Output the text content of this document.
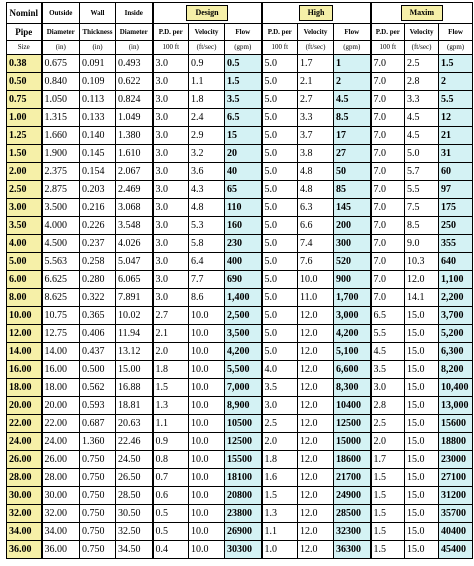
Nominl	Outside	Wall	Inside	Design			High			Maxim		
Pipe	Diameter	Thickness	Diameter	P.D. per	Velocity	Flow	P.D. per	Velocity	Flow	P.D. per	Velocity	Flow
Size	(in)	(in)	(in)	100 ft	(ft/sec)	(gpm)	100 ft	(ft/sec)	(gpm)	100 ft	(ft/sec)	(gpm)
0.38	0.675	0.091	0.493	3.0	0.9	0.5	5.0	1.7	1	7.0	2.5	1.5
0.50	0.840	0.109	0.622	3.0	1.1	1.5	5.0	2.1	2	7.0	2.8	2
0.75	1.050	0.113	0.824	3.0	1.8	3.5	5.0	2.7	4.5	7.0	3.3	5.5
1.00	1.315	0.133	1.049	3.0	2.4	6.5	5.0	3.3	8.5	7.0	4.5	12
1.25	1.660	0.140	1.380	3.0	2.9	15	5.0	3.7	17	7.0	4.5	21
1.50	1.900	0.145	1.610	3.0	3.2	20	5.0	3.8	27	7.0	5.0	31
2.00	2.375	0.154	2.067	3.0	3.6	40	5.0	4.8	50	7.0	5.7	60
2.50	2.875	0.203	2.469	3.0	4.3	65	5.0	4.8	85	7.0	5.5	97
3.00	3.500	0.216	3.068	3.0	4.8	110	5.0	6.3	145	7.0	7.5	175
3.50	4.000	0.226	3.548	3.0	5.3	160	5.0	6.6	200	7.0	8.5	250
4.00	4.500	0.237	4.026	3.0	5.8	230	5.0	7.4	300	7.0	9.0	355
5.00	5.563	0.258	5.047	3.0	6.4	400	5.0	7.6	520	7.0	10.3	640
6.00	6.625	0.280	6.065	3.0	7.7	690	5.0	10.0	900	7.0	12.0	1,100
8.00	8.625	0.322	7.891	3.0	8.6	1,400	5.0	11.0	1,700	7.0	14.1	2,200
10.00	10.75	0.365	10.02	2.7	10.0	2,500	5.0	12.0	3,000	6.5	15.0	3,700
12.00	12.75	0.406	11.94	2.1	10.0	3,500	5.0	12.0	4,200	5.5	15.0	5,200
14.00	14.00	0.437	13.12	2.0	10.0	4,200	5.0	12.0	5,100	4.5	15.0	6,300
16.00	16.00	0.500	15.00	1.8	10.0	5,500	4.0	12.0	6,600	3.5	15.0	8,200
18.00	18.00	0.562	16.88	1.5	10.0	7,000	3.5	12.0	8,300	3.0	15.0	10,400
20.00	20.00	0.593	18.81	1.3	10.0	8,900	3.0	12.0	10400	2.8	15.0	13,000
22.00	22.00	0.687	20.63	1.1	10.0	10500	2.5	12.0	12500	2.5	15.0	15600
24.00	24.00	1.360	22.46	0.9	10.0	12500	2.0	12.0	15000	2.0	15.0	18800
26.00	26.00	0.750	24.50	0.8	10.0	15500	1.8	12.0	18600	1.7	15.0	23000
28.00	28.00	0.750	26.50	0.7	10.0	18100	1.6	12.0	21700	1.5	15.0	27100
30.00	30.00	0.750	28.50	0.6	10.0	20800	1.5	12.0	24900	1.5	15.0	31200
32.00	32.00	0.750	30.50	0.5	10.0	23800	1.3	12.0	28500	1.5	15.0	35700
34.00	34.00	0.750	32.50	0.5	10.0	26900	1.1	12.0	32300	1.5	15.0	40400
36.00	36.00	0.750	34.50	0.4	10.0	30300	1.0	12.0	36300	1.5	15.0	45400
